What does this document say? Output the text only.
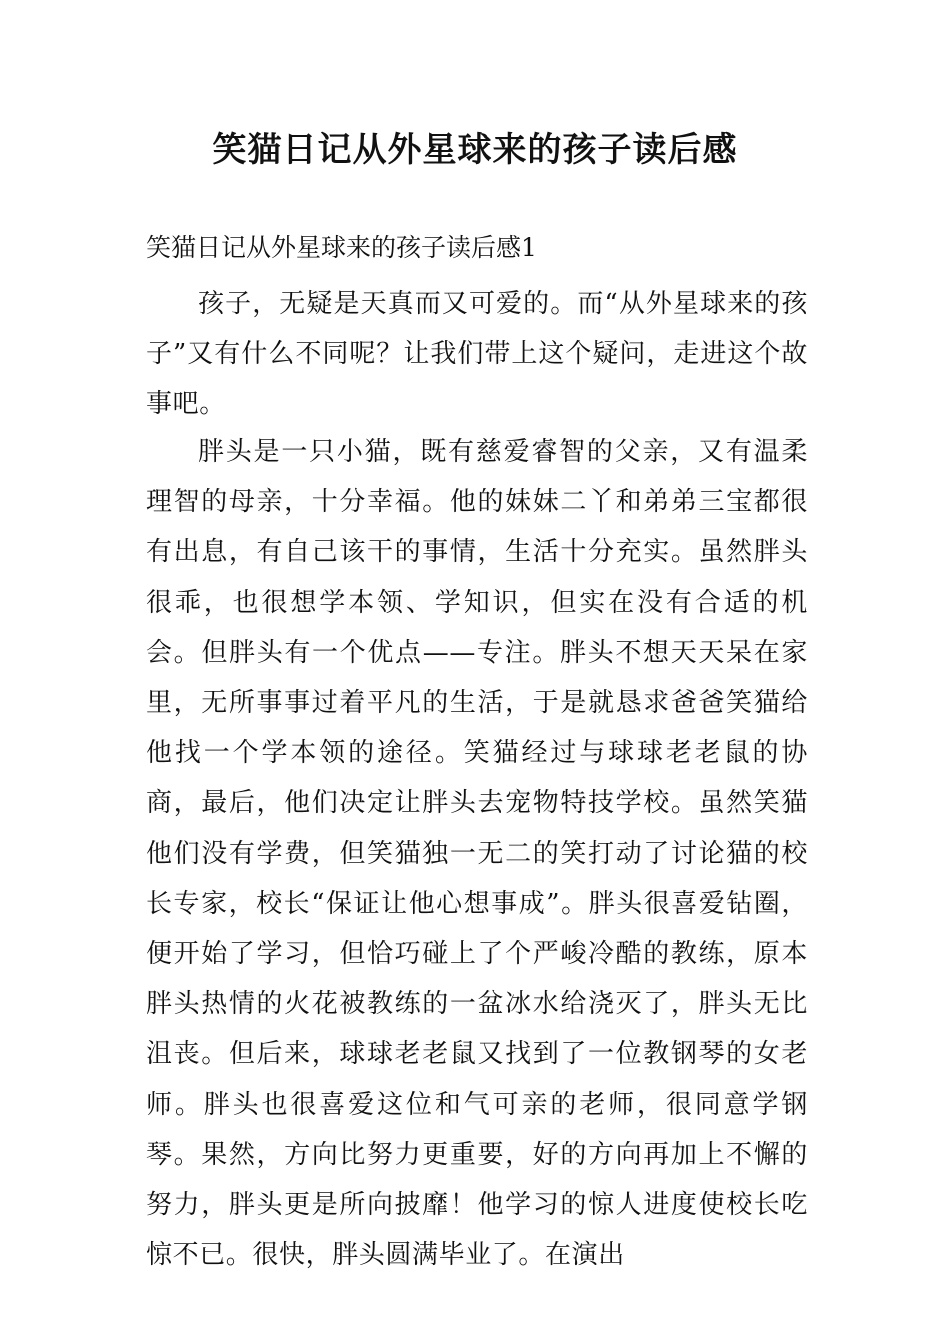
笑猫日记从外星球来的孩子读后感

笑猫日记从外星球来的孩子读后感1

孩子，无疑是天真而又可爱的。而“从外星球来的孩子”又有什么不同呢？让我们带上这个疑问，走进这个故事吧。

胖头是一只小猫，既有慈爱睿智的父亲，又有温柔理智的母亲，十分幸福。他的妹妹二丫和弟弟三宝都很有出息，有自己该干的事情，生活十分充实。虽然胖头很乖，也很想学本领、学知识，但实在没有合适的机会。但胖头有一个优点——专注。胖头不想天天呆在家里，无所事事过着平凡的生活，于是就恳求爸爸笑猫给他找一个学本领的途径。笑猫经过与球球老老鼠的协商，最后，他们决定让胖头去宠物特技学校。虽然笑猫他们没有学费，但笑猫独一无二的笑打动了讨论猫的校长专家，校长“保证让他心想事成”。胖头很喜爱钻圈，便开始了学习，但恰巧碰上了个严峻冷酷的教练，原本胖头热情的火花被教练的一盆冰水给浇灭了，胖头无比沮丧。但后来，球球老老鼠又找到了一位教钢琴的女老师。胖头也很喜爱这位和气可亲的老师，很同意学钢琴。果然，方向比努力更重要，好的方向再加上不懈的努力，胖头更是所向披靡！他学习的惊人进度使校长吃惊不已。很快，胖头圆满毕业了。在演出
